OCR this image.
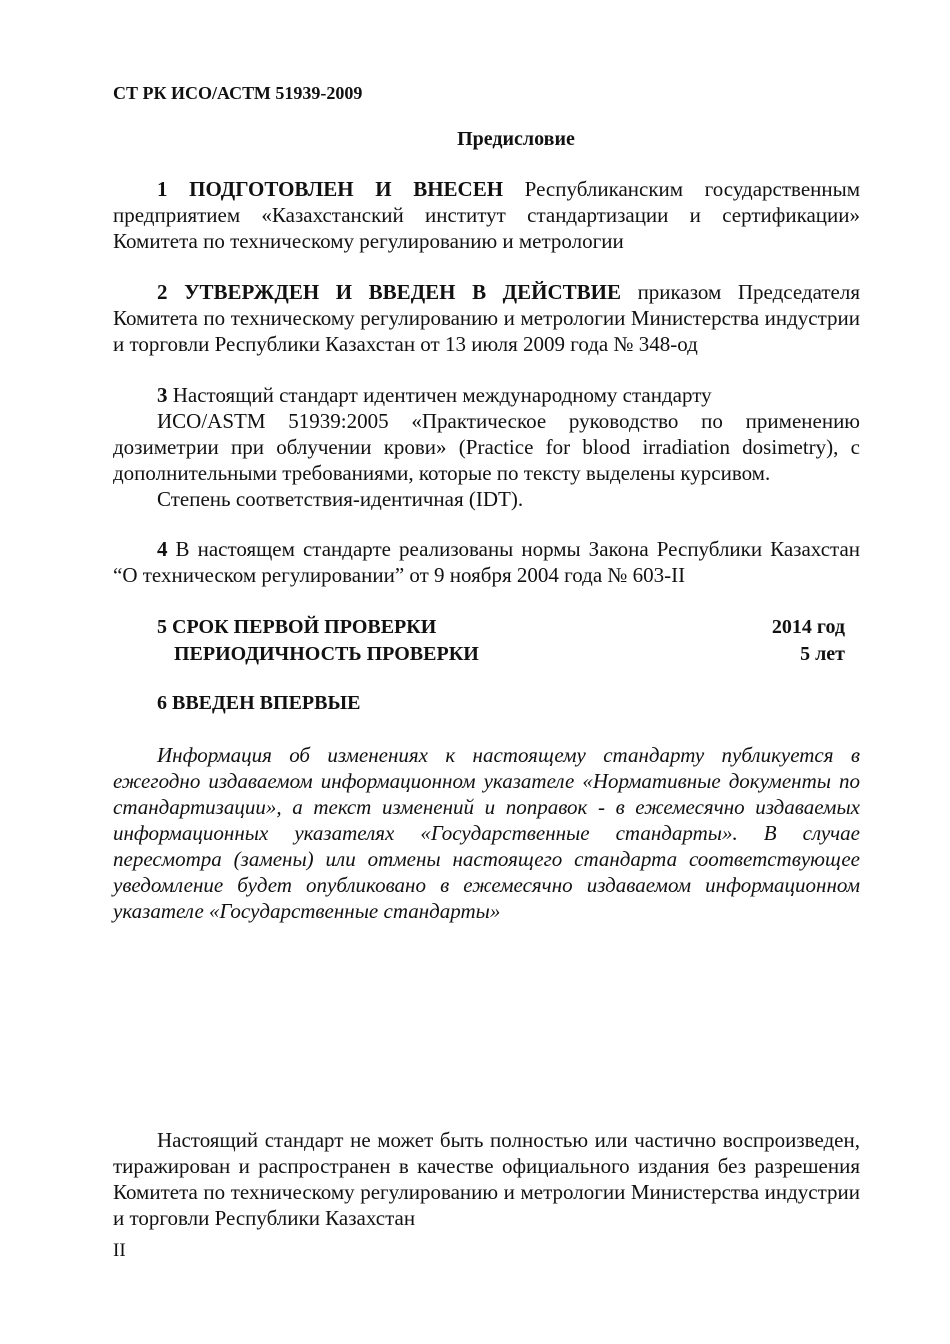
СТ РК ИСО/АСТМ 51939-2009
Предисловие
1 ПОДГОТОВЛЕН И ВНЕСЕН Республиканским государственным предприятием «Казахстанский институт стандартизации и сертификации» Комитета по техническому регулированию и метрологии
2 УТВЕРЖДЕН И ВВЕДЕН В ДЕЙСТВИЕ приказом Председателя Комитета по техническому регулированию и метрологии Министерства индустрии и торговли Республики Казахстан от 13 июля 2009 года № 348-од
3 Настоящий стандарт идентичен международному стандарту
ИСО/ASTM 51939:2005 «Практическое руководство по применению дозиметрии при облучении крови» (Practice for blood irradiation dosimetry), с дополнительными требованиями, которые по тексту выделены курсивом.
Степень соответствия-идентичная (IDT).
4 В настоящем стандарте реализованы нормы Закона Республики Казахстан “О техническом регулировании” от 9 ноября 2004 года № 603-II
5 СРОК ПЕРВОЙ ПРОВЕРКИ	2014 год
ПЕРИОДИЧНОСТЬ ПРОВЕРКИ	5 лет
6 ВВЕДЕН ВПЕРВЫЕ
Информация об изменениях к настоящему стандарту публикуется в ежегодно издаваемом информационном указателе «Нормативные документы по стандартизации», а текст изменений и поправок - в ежемесячно издаваемых информационных указателях «Государственные стандарты». В случае пересмотра (замены) или отмены настоящего стандарта соответствующее уведомление будет опубликовано в ежемесячно издаваемом информационном указателе «Государственные стандарты»
Настоящий стандарт не может быть полностью или частично воспроизведен, тиражирован и распространен в качестве официального издания без разрешения Комитета по техническому регулированию и метрологии Министерства индустрии и торговли Республики Казахстан
II
